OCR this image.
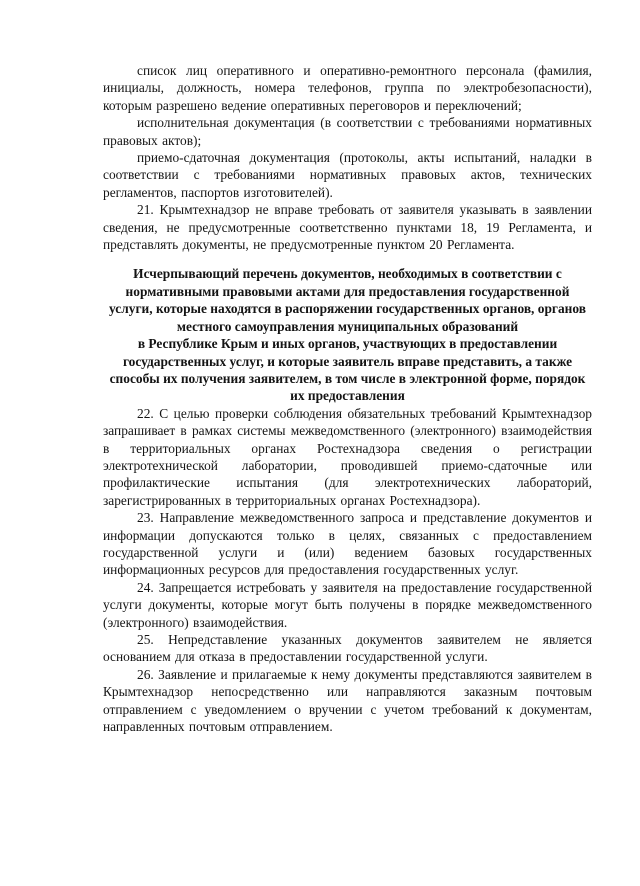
список лиц оперативного и оперативно-ремонтного персонала (фамилия, инициалы, должность, номера телефонов, группа по электробезопасности), которым разрешено ведение оперативных переговоров и переключений;

исполнительная документация (в соответствии с требованиями нормативных правовых актов);

приемо-сдаточная документация (протоколы, акты испытаний, наладки в соответствии с требованиями нормативных правовых актов, технических регламентов, паспортов изготовителей).

21. Крымтехнадзор не вправе требовать от заявителя указывать в заявлении сведения, не предусмотренные соответственно пунктами 18, 19 Регламента, и представлять документы, не предусмотренные пунктом 20 Регламента.

Исчерпывающий перечень документов, необходимых в соответствии с нормативными правовыми актами для предоставления государственной услуги, которые находятся в распоряжении государственных органов, органов местного самоуправления муниципальных образований

в Республике Крым и иных органов, участвующих в предоставлении государственных услуг, и которые заявитель вправе представить, а также способы их получения заявителем, в том числе в электронной форме, порядок их предоставления

22. С целью проверки соблюдения обязательных требований Крымтехнадзор запрашивает в рамках системы межведомственного (электронного) взаимодействия в территориальных органах Ростехнадзора сведения о регистрации электротехнической лаборатории, проводившей приемо-сдаточные или профилактические испытания (для электротехнических лабораторий, зарегистрированных в территориальных органах Ростехнадзора).

23. Направление межведомственного запроса и представление документов и информации допускаются только в целях, связанных с предоставлением государственной услуги и (или) ведением базовых государственных информационных ресурсов для предоставления государственных услуг.

24. Запрещается истребовать у заявителя на предоставление государственной услуги документы, которые могут быть получены в порядке межведомственного (электронного) взаимодействия.

25. Непредставление указанных документов заявителем не является основанием для отказа в предоставлении государственной услуги.

26. Заявление и прилагаемые к нему документы представляются заявителем в Крымтехнадзор непосредственно или направляются заказным почтовым отправлением с уведомлением о вручении с учетом требований к документам, направленных почтовым отправлением.
